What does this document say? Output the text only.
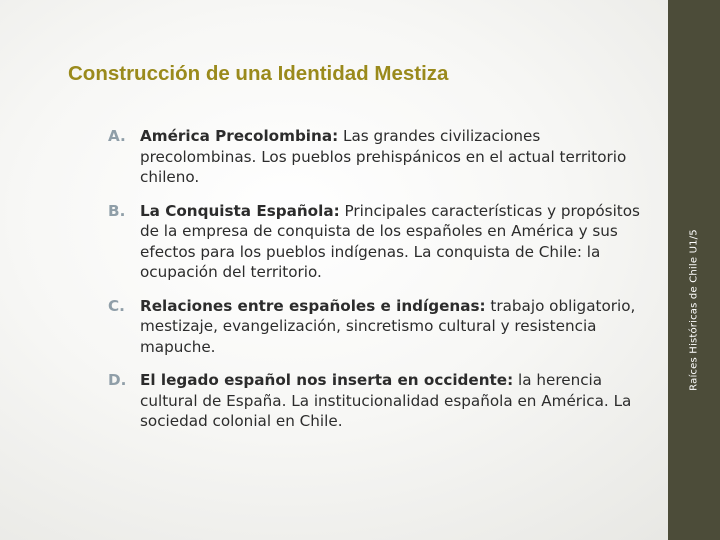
Raíces Históricas de Chile U1/5
Construcción de una Identidad Mestiza
A. América Precolombina: Las grandes civilizaciones precolombinas. Los pueblos prehispánicos en el actual territorio chileno.
B. La Conquista Española: Principales características y propósitos de la empresa de conquista de los españoles en América y sus efectos para los pueblos indígenas. La conquista de Chile: la ocupación del territorio.
C. Relaciones entre españoles e indígenas: trabajo obligatorio, mestizaje, evangelización, sincretismo cultural y resistencia mapuche.
D. El legado español nos inserta en occidente: la herencia cultural de España. La institucionalidad española en América. La sociedad colonial en Chile.
